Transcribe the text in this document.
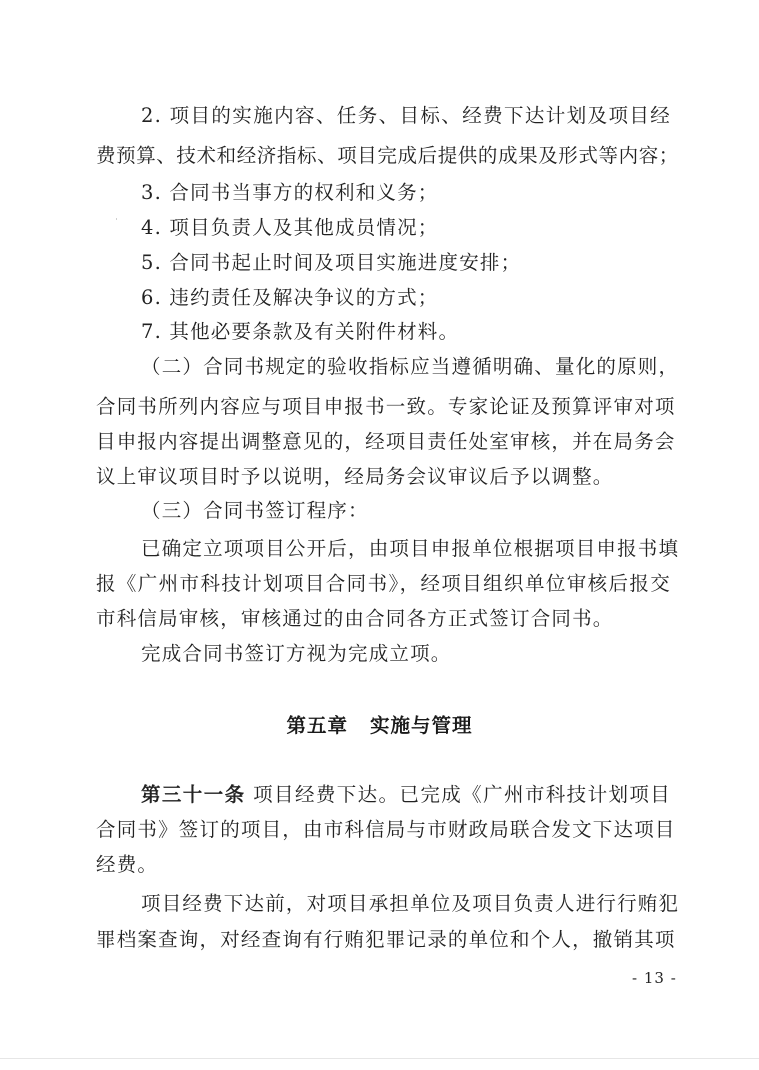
2. 项目的实施内容、任务、目标、经费下达计划及项目经
费预算、技术和经济指标、项目完成后提供的成果及形式等内容；
3. 合同书当事方的权利和义务；
4. 项目负责人及其他成员情况；
5. 合同书起止时间及项目实施进度安排；
6. 违约责任及解决争议的方式；
7. 其他必要条款及有关附件材料。
（二）合同书规定的验收指标应当遵循明确、量化的原则，
合同书所列内容应与项目申报书一致。专家论证及预算评审对项
目申报内容提出调整意见的，经项目责任处室审核，并在局务会
议上审议项目时予以说明，经局务会议审议后予以调整。
（三）合同书签订程序：
已确定立项项目公开后，由项目申报单位根据项目申报书填
报《广州市科技计划项目合同书》，经项目组织单位审核后报交
市科信局审核，审核通过的由合同各方正式签订合同书。
完成合同书签订方视为完成立项。
第五章 实施与管理
第三十一条 项目经费下达。已完成《广州市科技计划项目
合同书》签订的项目，由市科信局与市财政局联合发文下达项目
经费。
项目经费下达前，对项目承担单位及项目负责人进行行贿犯
罪档案查询，对经查询有行贿犯罪记录的单位和个人，撤销其项
- 13 -
